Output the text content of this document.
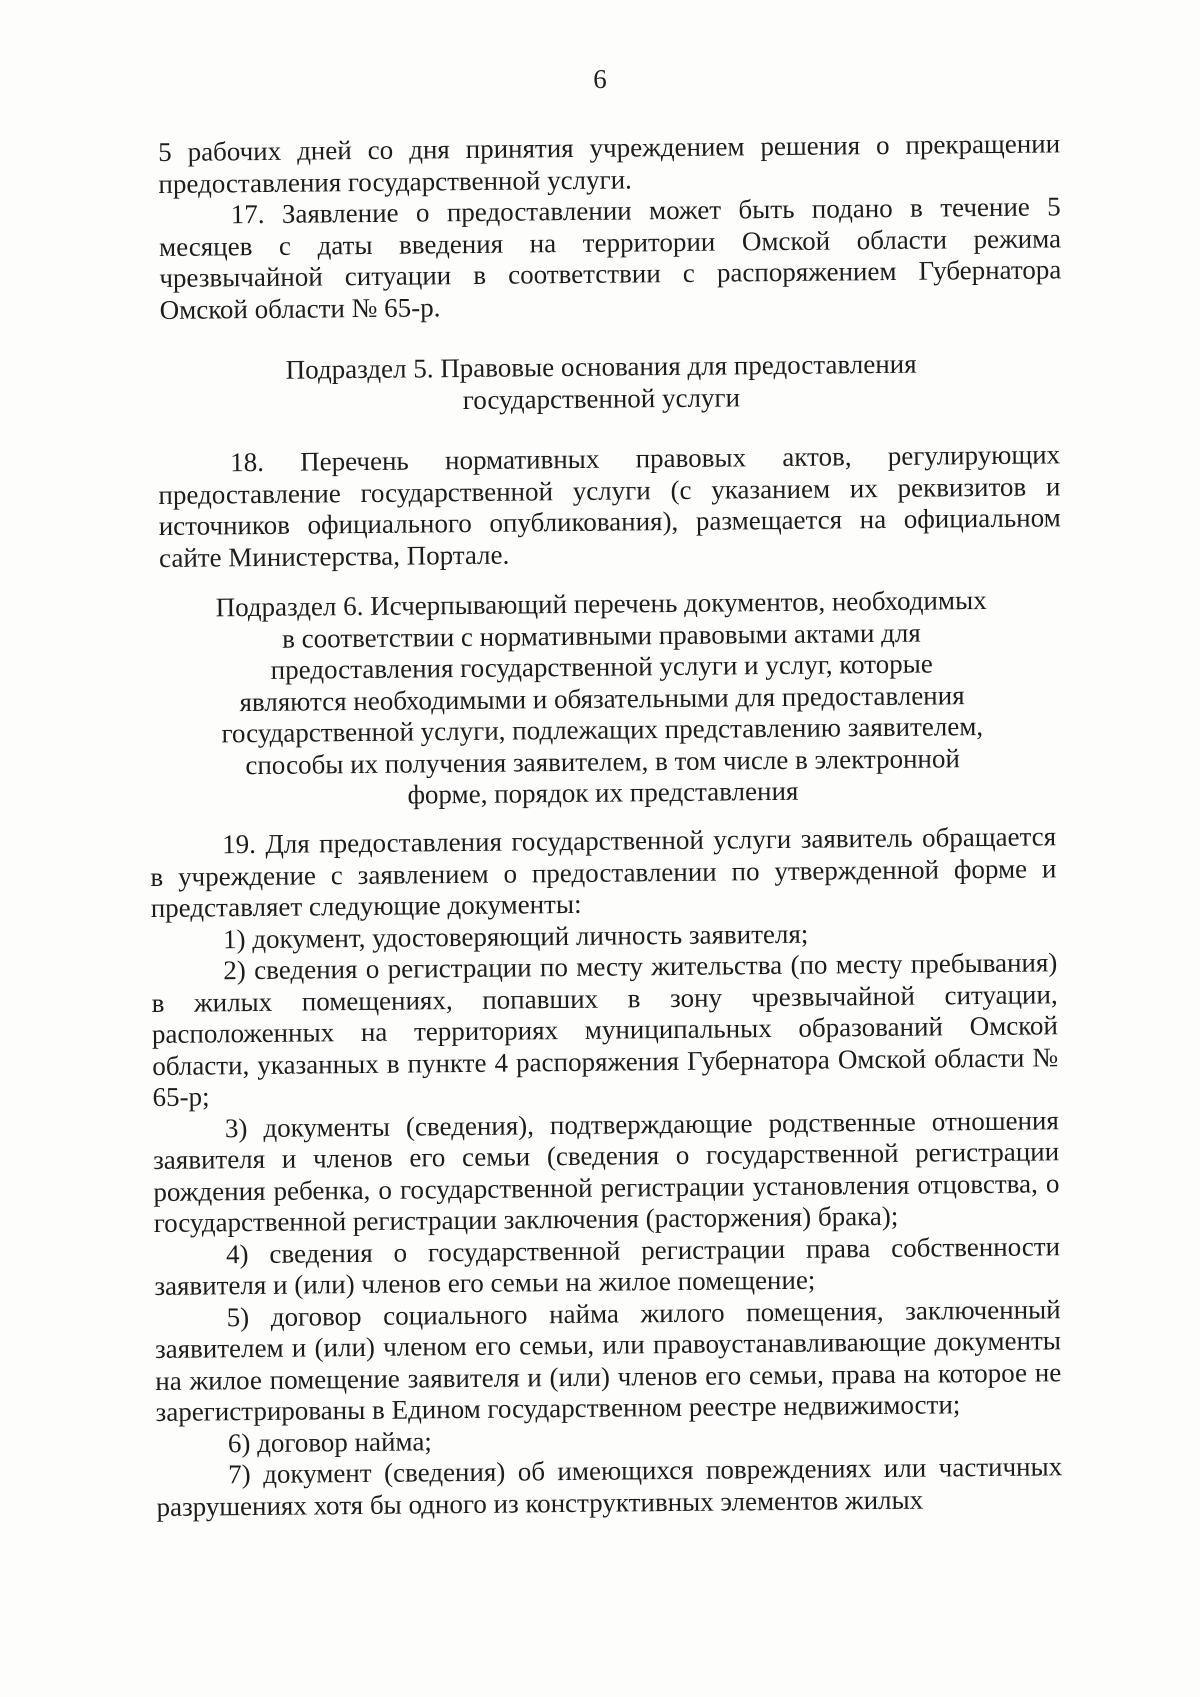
6

5 рабочих дней со дня принятия учреждением решения о прекращении предоставления государственной услуги.

17. Заявление о предоставлении может быть подано в течение 5 месяцев с даты введения на территории Омской области режима чрезвычайной ситуации в соответствии с распоряжением Губернатора Омской области № 65-р.

Подраздел 5. Правовые основания для предоставления

государственной услуги

18. Перечень нормативных правовых актов, регулирующих предоставление государственной услуги (с указанием их реквизитов и источников официального опубликования), размещается на официальном сайте Министерства, Портале.

Подраздел 6. Исчерпывающий перечень документов, необходимых

в соответствии с нормативными правовыми актами для

предоставления государственной услуги и услуг, которые

являются необходимыми и обязательными для предоставления

государственной услуги, подлежащих представлению заявителем,

способы их получения заявителем, в том числе в электронной

форме, порядок их представления

19. Для предоставления государственной услуги заявитель обращается в учреждение с заявлением о предоставлении по утвержденной форме и представляет следующие документы:

1) документ, удостоверяющий личность заявителя;

2) сведения о регистрации по месту жительства (по месту пребывания) в жилых помещениях, попавших в зону чрезвычайной ситуации, расположенных на территориях муниципальных образований Омской области, указанных в пункте 4 распоряжения Губернатора Омской области № 65-р;

3) документы (сведения), подтверждающие родственные отношения заявителя и членов его семьи (сведения о государственной регистрации рождения ребенка, о государственной регистрации установления отцовства, о государственной регистрации заключения (расторжения) брака);

4) сведения о государственной регистрации права собственности заявителя и (или) членов его семьи на жилое помещение;

5) договор социального найма жилого помещения, заключенный заявителем и (или) членом его семьи, или правоустанавливающие документы на жилое помещение заявителя и (или) членов его семьи, права на которое не зарегистрированы в Едином государственном реестре недвижимости;

6) договор найма;

7) документ (сведения) об имеющихся повреждениях или частичных разрушениях хотя бы одного из конструктивных элементов жилых
